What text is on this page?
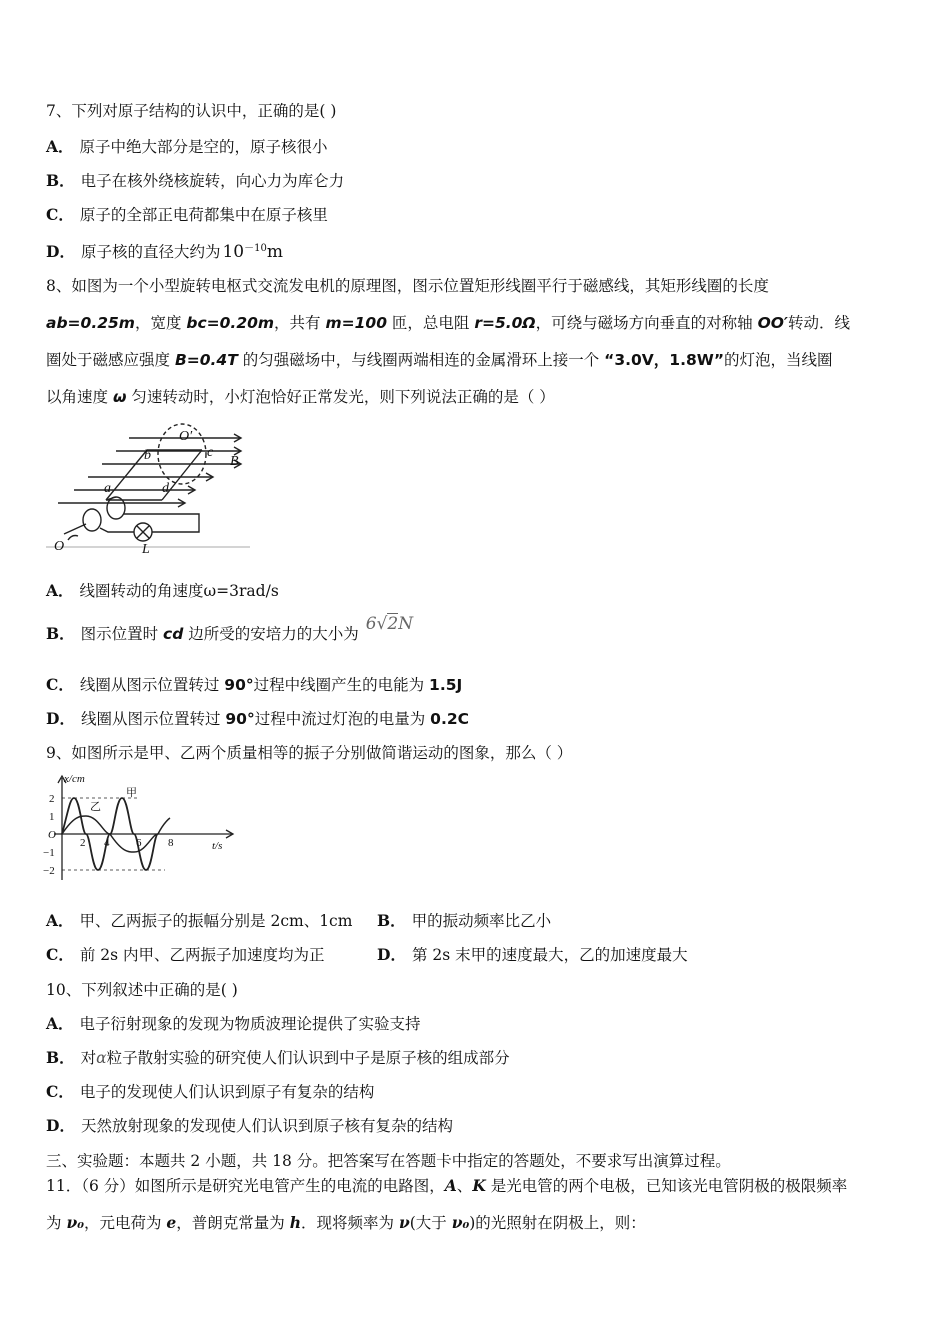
7、下列对原子结构的认识中，正确的是( )
A． 原子中绝大部分是空的，原子核很小
B． 电子在核外绕核旋转，向心力为库仑力
C． 原子的全部正电荷都集中在原子核里
D． 原子核的直径大约为 $10^{-10}m$
8、如图为一个小型旋转电枢式交流发电机的原理图，图示位置矩形线圈平行于磁感线，其矩形线圈的长度
ab=0.25m，宽度 bc=0.20m，共有 m=100 匝，总电阻 r=5.0Ω，可绕与磁场方向垂直的对称轴 OO′转动．线
圈处于磁感应强度 B=0.4T 的匀强磁场中，与线圈两端相连的金属滑环上接一个 “3.0V，1.8W”的灯泡，当线圈
以角速度 ω 匀速转动时，小灯泡恰好正常发光，则下列说法正确的是（ ）
O′
b	c
B
a	d
O	L
A． 线圈转动的角速度ω=3rad/s
B． 图示位置时 cd 边所受的安培力的大小为 6√2N
C． 线圈从图示位置转过 90°过程中线圈产生的电能为 1.5J
D． 线圈从图示位置转过 90°过程中流过灯泡的电量为 0.2C
9、如图所示是甲、乙两个质量相等的振子分别做简谐运动的图象，那么（ ）
x/cm
t/s
O
2
1
−1
−2
2 4 6 8
甲
乙
A． 甲、乙两振子的振幅分别是 2cm、1cm B． 甲的振动频率比乙小
C． 前 2s 内甲、乙两振子加速度均为正	D． 第 2s 末甲的速度最大，乙的加速度最大
10、下列叙述中正确的是( )
A． 电子衍射现象的发现为物质波理论提供了实验支持
B． 对α粒子散射实验的研究使人们认识到中子是原子核的组成部分
C． 电子的发现使人们认识到原子有复杂的结构
D． 天然放射现象的发现使人们认识到原子核有复杂的结构
三、实验题：本题共 2 小题，共 18 分。把答案写在答题卡中指定的答题处，不要求写出演算过程。
11．（6 分）如图所示是研究光电管产生的电流的电路图，A、K 是光电管的两个电极，已知该光电管阴极的极限频率
为 ν₀，元电荷为 e，普朗克常量为 h．现将频率为 ν(大于 ν₀)的光照射在阴极上，则：
